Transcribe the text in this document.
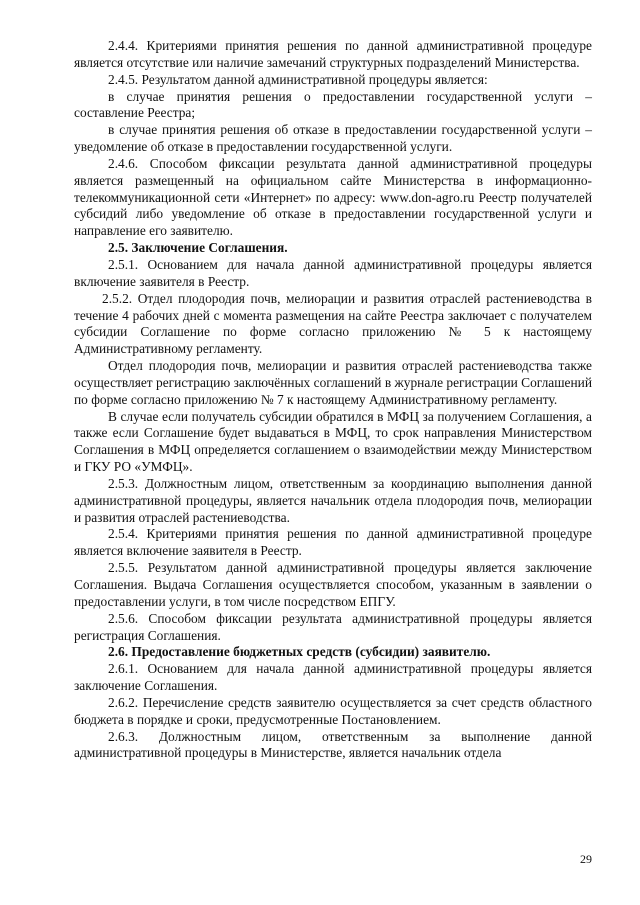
2.4.4. Критериями принятия решения по данной административной процедуре является отсутствие или наличие замечаний структурных подразделений Министерства.

2.4.5. Результатом данной административной процедуры является:

в случае принятия решения о предоставлении государственной услуги – составление Реестра;

в случае принятия решения об отказе в предоставлении государственной услуги – уведомление об отказе в предоставлении государственной услуги.

2.4.6. Способом фиксации результата данной административной процедуры является размещенный на официальном сайте Министерства в информационно-телекоммуникационной сети «Интернет» по адресу: www.don-agro.ru Реестр получателей субсидий либо уведомление об отказе в предоставлении государственной услуги и направление его заявителю.

2.5. Заключение Соглашения.

2.5.1. Основанием для начала данной административной процедуры является включение заявителя в Реестр.

2.5.2. Отдел плодородия почв, мелиорации и развития отраслей растениеводства в течение 4 рабочих дней с момента размещения на сайте Реестра заключает с получателем субсидии Соглашение по форме согласно приложению № 5 к настоящему Административному регламенту.

Отдел плодородия почв, мелиорации и развития отраслей растениеводства также осуществляет регистрацию заключённых соглашений в журнале регистрации Соглашений по форме согласно приложению № 7 к настоящему Административному регламенту.

В случае если получатель субсидии обратился в МФЦ за получением Соглашения, а также если Соглашение будет выдаваться в МФЦ, то срок направления Министерством Соглашения в МФЦ определяется соглашением о взаимодействии между Министерством и ГКУ РО «УМФЦ».

2.5.3. Должностным лицом, ответственным за координацию выполнения данной административной процедуры, является начальник отдела плодородия почв, мелиорации и развития отраслей растениеводства.

2.5.4. Критериями принятия решения по данной административной процедуре является включение заявителя в Реестр.

2.5.5. Результатом данной административной процедуры является заключение Соглашения. Выдача Соглашения осуществляется способом, указанным в заявлении о предоставлении услуги, в том числе посредством ЕПГУ.

2.5.6. Способом фиксации результата административной процедуры является регистрация Соглашения.

2.6. Предоставление бюджетных средств (субсидии) заявителю.

2.6.1. Основанием для начала данной административной процедуры является заключение Соглашения.

2.6.2. Перечисление средств заявителю осуществляется за счет средств областного бюджета в порядке и сроки, предусмотренные Постановлением.

2.6.3. Должностным лицом, ответственным за выполнение данной административной процедуры в Министерстве, является начальник отдела

29
